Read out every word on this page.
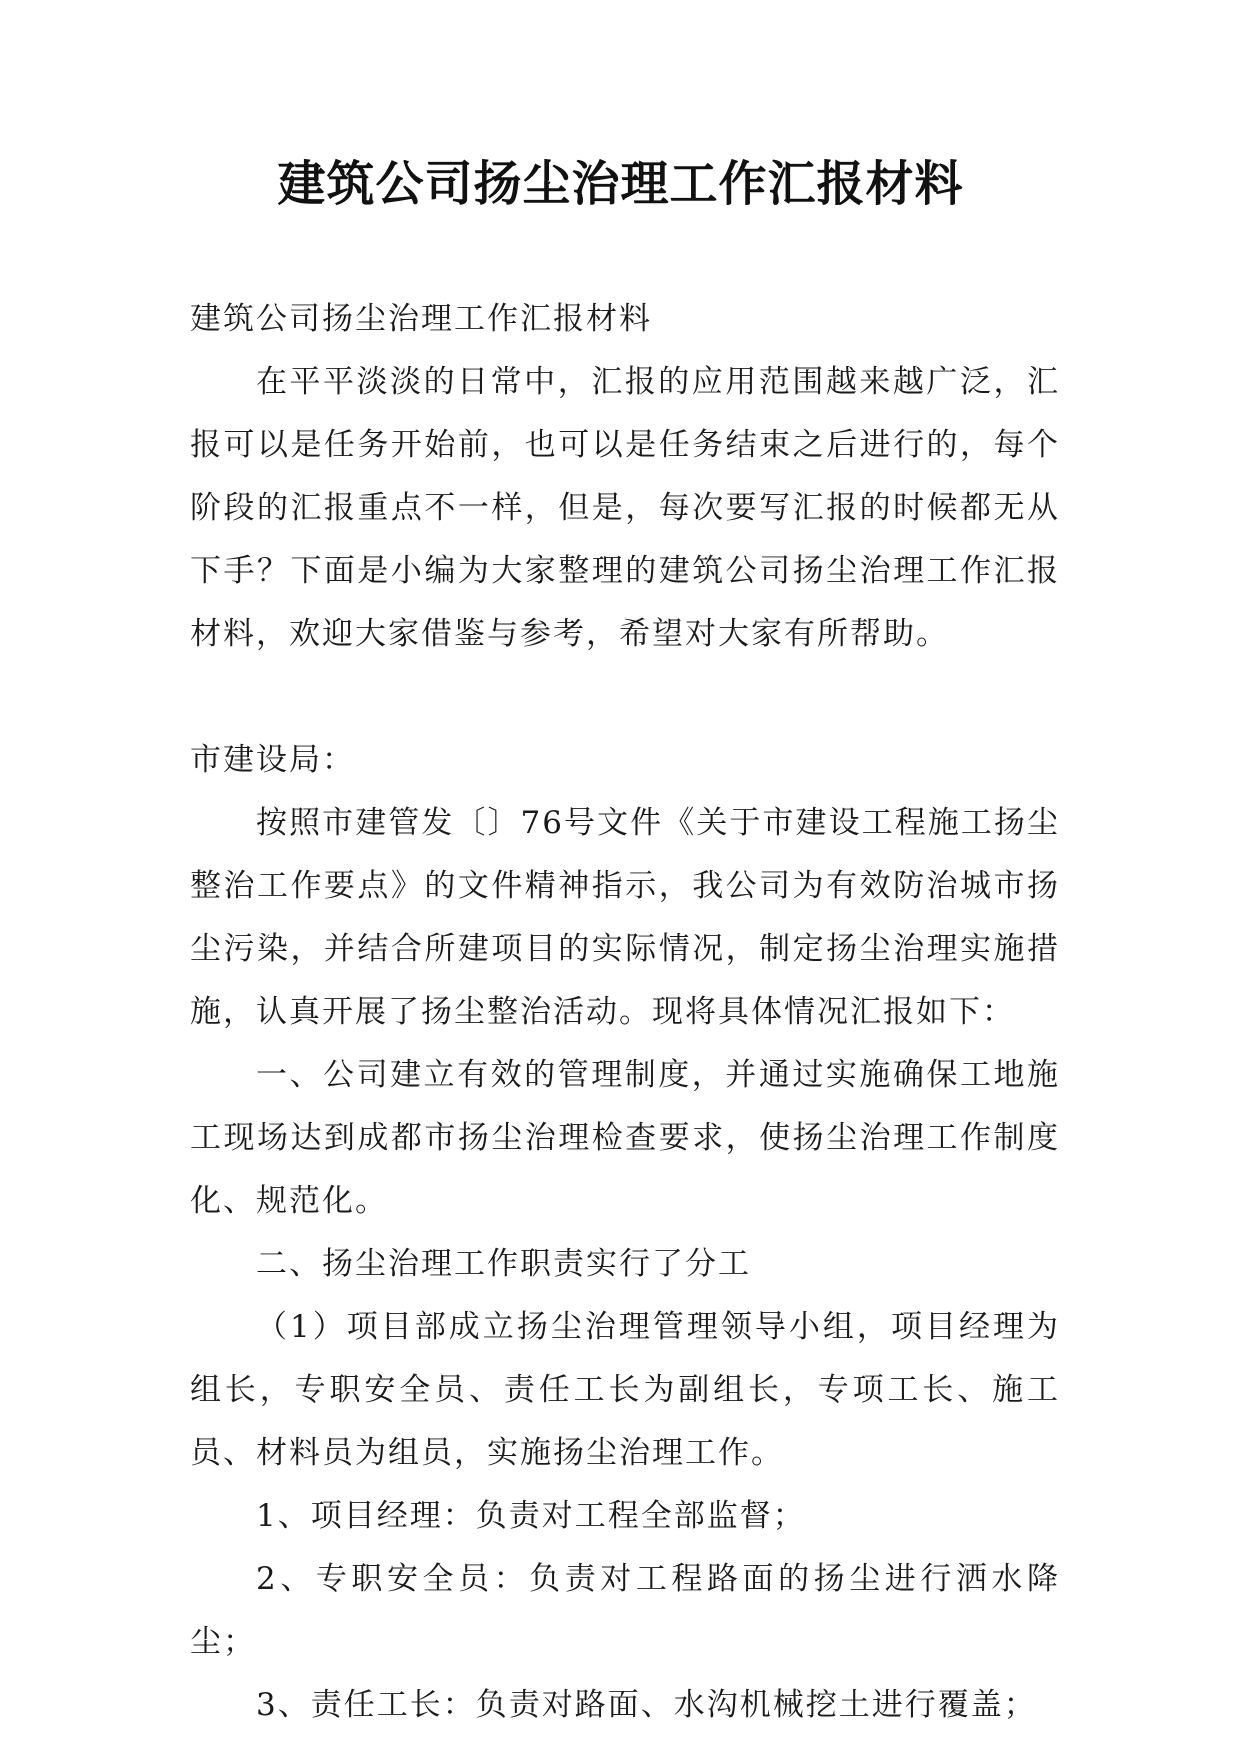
建筑公司扬尘治理工作汇报材料

建筑公司扬尘治理工作汇报材料

在平平淡淡的日常中，汇报的应用范围越来越广泛，汇报可以是任务开始前，也可以是任务结束之后进行的，每个阶段的汇报重点不一样，但是，每次要写汇报的时候都无从下手？下面是小编为大家整理的建筑公司扬尘治理工作汇报材料，欢迎大家借鉴与参考，希望对大家有所帮助。

市建设局：

按照市建管发〔〕76号文件《关于市建设工程施工扬尘整治工作要点》的文件精神指示，我公司为有效防治城市扬尘污染，并结合所建项目的实际情况，制定扬尘治理实施措施，认真开展了扬尘整治活动。现将具体情况汇报如下：

一、公司建立有效的管理制度，并通过实施确保工地施工现场达到成都市扬尘治理检查要求，使扬尘治理工作制度化、规范化。

二、扬尘治理工作职责实行了分工

（1）项目部成立扬尘治理管理领导小组，项目经理为组长，专职安全员、责任工长为副组长，专项工长、施工员、材料员为组员，实施扬尘治理工作。

1、项目经理：负责对工程全部监督；

2、专职安全员：负责对工程路面的扬尘进行洒水降尘；

3、责任工长：负责对路面、水沟机械挖土进行覆盖；
